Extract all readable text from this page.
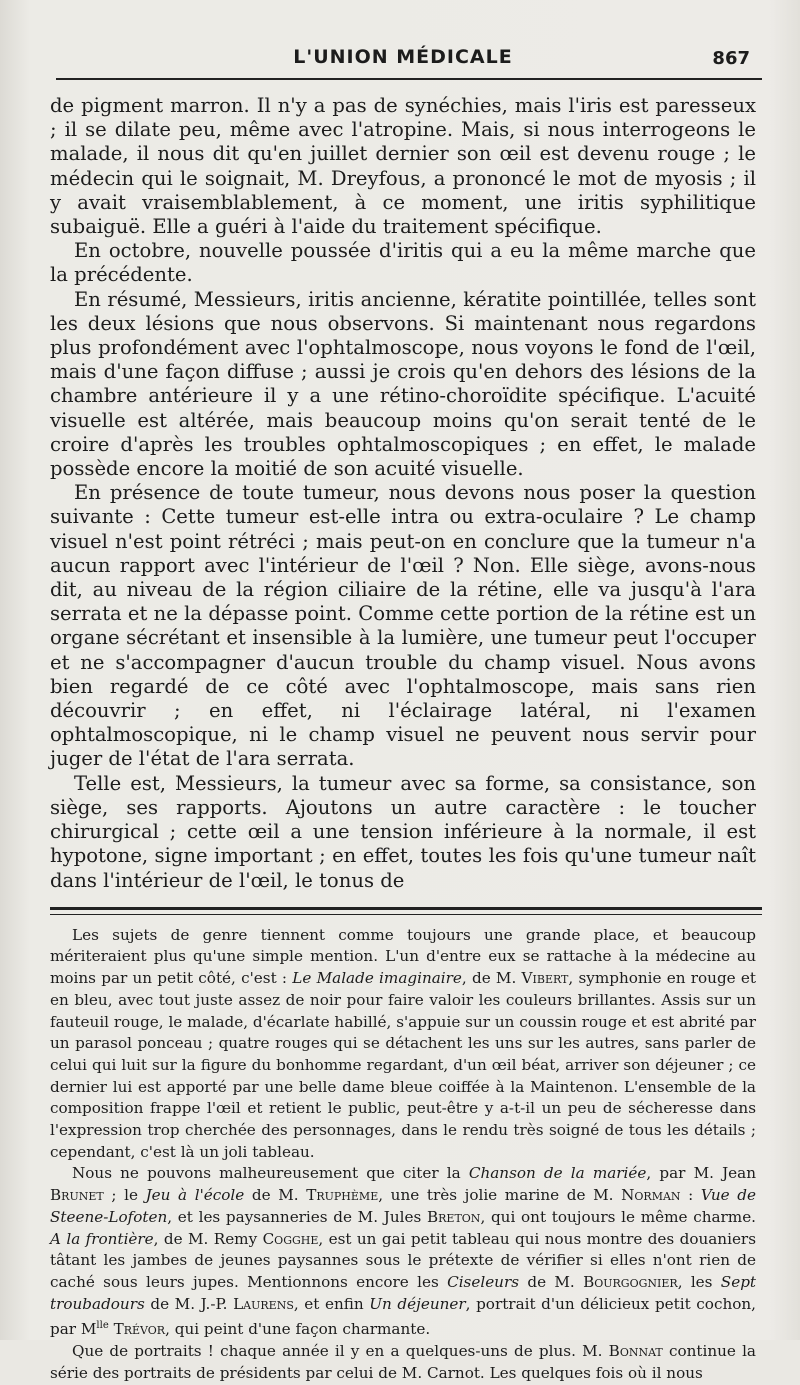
L'UNION MÉDICALE	867

de pigment marron. Il n'y a pas de synéchies, mais l'iris est paresseux ; il se dilate peu, même avec l'atropine. Mais, si nous interrogeons le malade, il nous dit qu'en juillet dernier son œil est devenu rouge ; le médecin qui le soignait, M. Dreyfous, a prononcé le mot de myosis ; il y avait vraisemblablement, à ce moment, une iritis syphilitique subaiguë. Elle a guéri à l'aide du traitement spécifique.

En octobre, nouvelle poussée d'iritis qui a eu la même marche que la précédente.

En résumé, Messieurs, iritis ancienne, kératite pointillée, telles sont les deux lésions que nous observons. Si maintenant nous regardons plus profondément avec l'ophtalmoscope, nous voyons le fond de l'œil, mais d'une façon diffuse ; aussi je crois qu'en dehors des lésions de la chambre antérieure il y a une rétino-choroïdite spécifique. L'acuité visuelle est altérée, mais beaucoup moins qu'on serait tenté de le croire d'après les troubles ophtalmoscopiques ; en effet, le malade possède encore la moitié de son acuité visuelle.

En présence de toute tumeur, nous devons nous poser la question suivante : Cette tumeur est-elle intra ou extra-oculaire ? Le champ visuel n'est point rétréci ; mais peut-on en conclure que la tumeur n'a aucun rapport avec l'intérieur de l'œil ? Non. Elle siège, avons-nous dit, au niveau de la région ciliaire de la rétine, elle va jusqu'à l'ara serrata et ne la dépasse point. Comme cette portion de la rétine est un organe sécrétant et insensible à la lumière, une tumeur peut l'occuper et ne s'accompagner d'aucun trouble du champ visuel. Nous avons bien regardé de ce côté avec l'ophtalmoscope, mais sans rien découvrir ; en effet, ni l'éclairage latéral, ni l'examen ophtalmoscopique, ni le champ visuel ne peuvent nous servir pour juger de l'état de l'ara serrata.

Telle est, Messieurs, la tumeur avec sa forme, sa consistance, son siège, ses rapports. Ajoutons un autre caractère : le toucher chirurgical ; cette œil a une tension inférieure à la normale, il est hypotone, signe important ; en effet, toutes les fois qu'une tumeur naît dans l'intérieur de l'œil, le tonus de

Les sujets de genre tiennent comme toujours une grande place, et beaucoup mériteraient plus qu'une simple mention. L'un d'entre eux se rattache à la médecine au moins par un petit côté, c'est : Le Malade imaginaire, de M. Vibert, symphonie en rouge et en bleu, avec tout juste assez de noir pour faire valoir les couleurs brillantes. Assis sur un fauteuil rouge, le malade, d'écarlate habillé, s'appuie sur un coussin rouge et est abrité par un parasol ponceau ; quatre rouges qui se détachent les uns sur les autres, sans parler de celui qui luit sur la figure du bonhomme regardant, d'un œil béat, arriver son déjeuner ; ce dernier lui est apporté par une belle dame bleue coiffée à la Maintenon. L'ensemble de la composition frappe l'œil et retient le public, peut-être y a-t-il un peu de sécheresse dans l'expression trop cherchée des personnages, dans le rendu très soigné de tous les détails ; cependant, c'est là un joli tableau.

Nous ne pouvons malheureusement que citer la Chanson de la mariée, par M. Jean Brunet ; le Jeu à l'école de M. Truphème, une très jolie marine de M. Norman : Vue de Steene-Lofoten, et les paysanneries de M. Jules Breton, qui ont toujours le même charme. A la frontière, de M. Remy Cogghe, est un gai petit tableau qui nous montre des douaniers tâtant les jambes de jeunes paysannes sous le prétexte de vérifier si elles n'ont rien de caché sous leurs jupes. Mentionnons encore les Ciseleurs de M. Bourgognier, les Sept troubadours de M. J.-P. Laurens, et enfin Un déjeuner, portrait d'un délicieux petit cochon, par $M^{lle}$ Trévor, qui peint d'une façon charmante.

Que de portraits ! chaque année il y en a quelques-uns de plus. M. Bonnat continue la série des portraits de présidents par celui de M. Carnot. Les quelques fois où il nous
